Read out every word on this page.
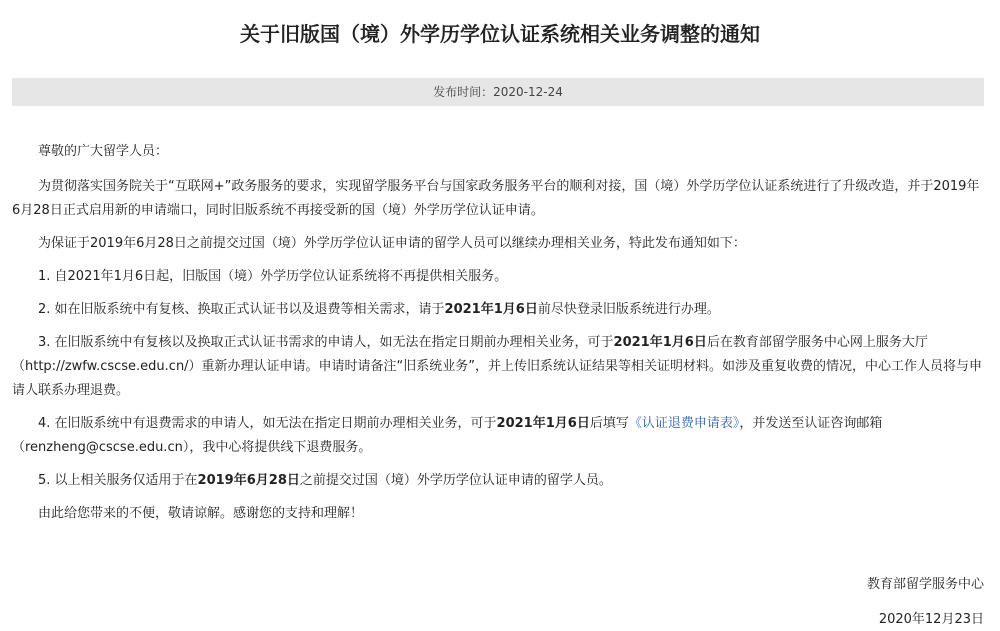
关于旧版国（境）外学历学位认证系统相关业务调整的通知
发布时间：2020-12-24

尊敬的广大留学人员：

为贯彻落实国务院关于“互联网+”政务服务的要求，实现留学服务平台与国家政务服务平台的顺利对接，国（境）外学历学位认证系统进行了升级改造，并于2019年6月28日正式启用新的申请端口，同时旧版系统不再接受新的国（境）外学历学位认证申请。

为保证于2019年6月28日之前提交过国（境）外学历学位认证申请的留学人员可以继续办理相关业务，特此发布通知如下：

1. 自2021年1月6日起，旧版国（境）外学历学位认证系统将不再提供相关服务。

2. 如在旧版系统中有复核、换取正式认证书以及退费等相关需求，请于2021年1月6日前尽快登录旧版系统进行办理。

3. 在旧版系统中有复核以及换取正式认证书需求的申请人，如无法在指定日期前办理相关业务，可于2021年1月6日后在教育部留学服务中心网上服务大厅（http://zwfw.cscse.edu.cn/）重新办理认证申请。申请时请备注“旧系统业务”，并上传旧系统认证结果等相关证明材料。如涉及重复收费的情况，中心工作人员将与申请人联系办理退费。

4. 在旧版系统中有退费需求的申请人，如无法在指定日期前办理相关业务，可于2021年1月6日后填写《认证退费申请表》，并发送至认证咨询邮箱（renzheng@cscse.edu.cn），我中心将提供线下退费服务。

5. 以上相关服务仅适用于在2019年6月28日之前提交过国（境）外学历学位认证申请的留学人员。

由此给您带来的不便，敬请谅解。感谢您的支持和理解！

教育部留学服务中心
2020年12月23日
